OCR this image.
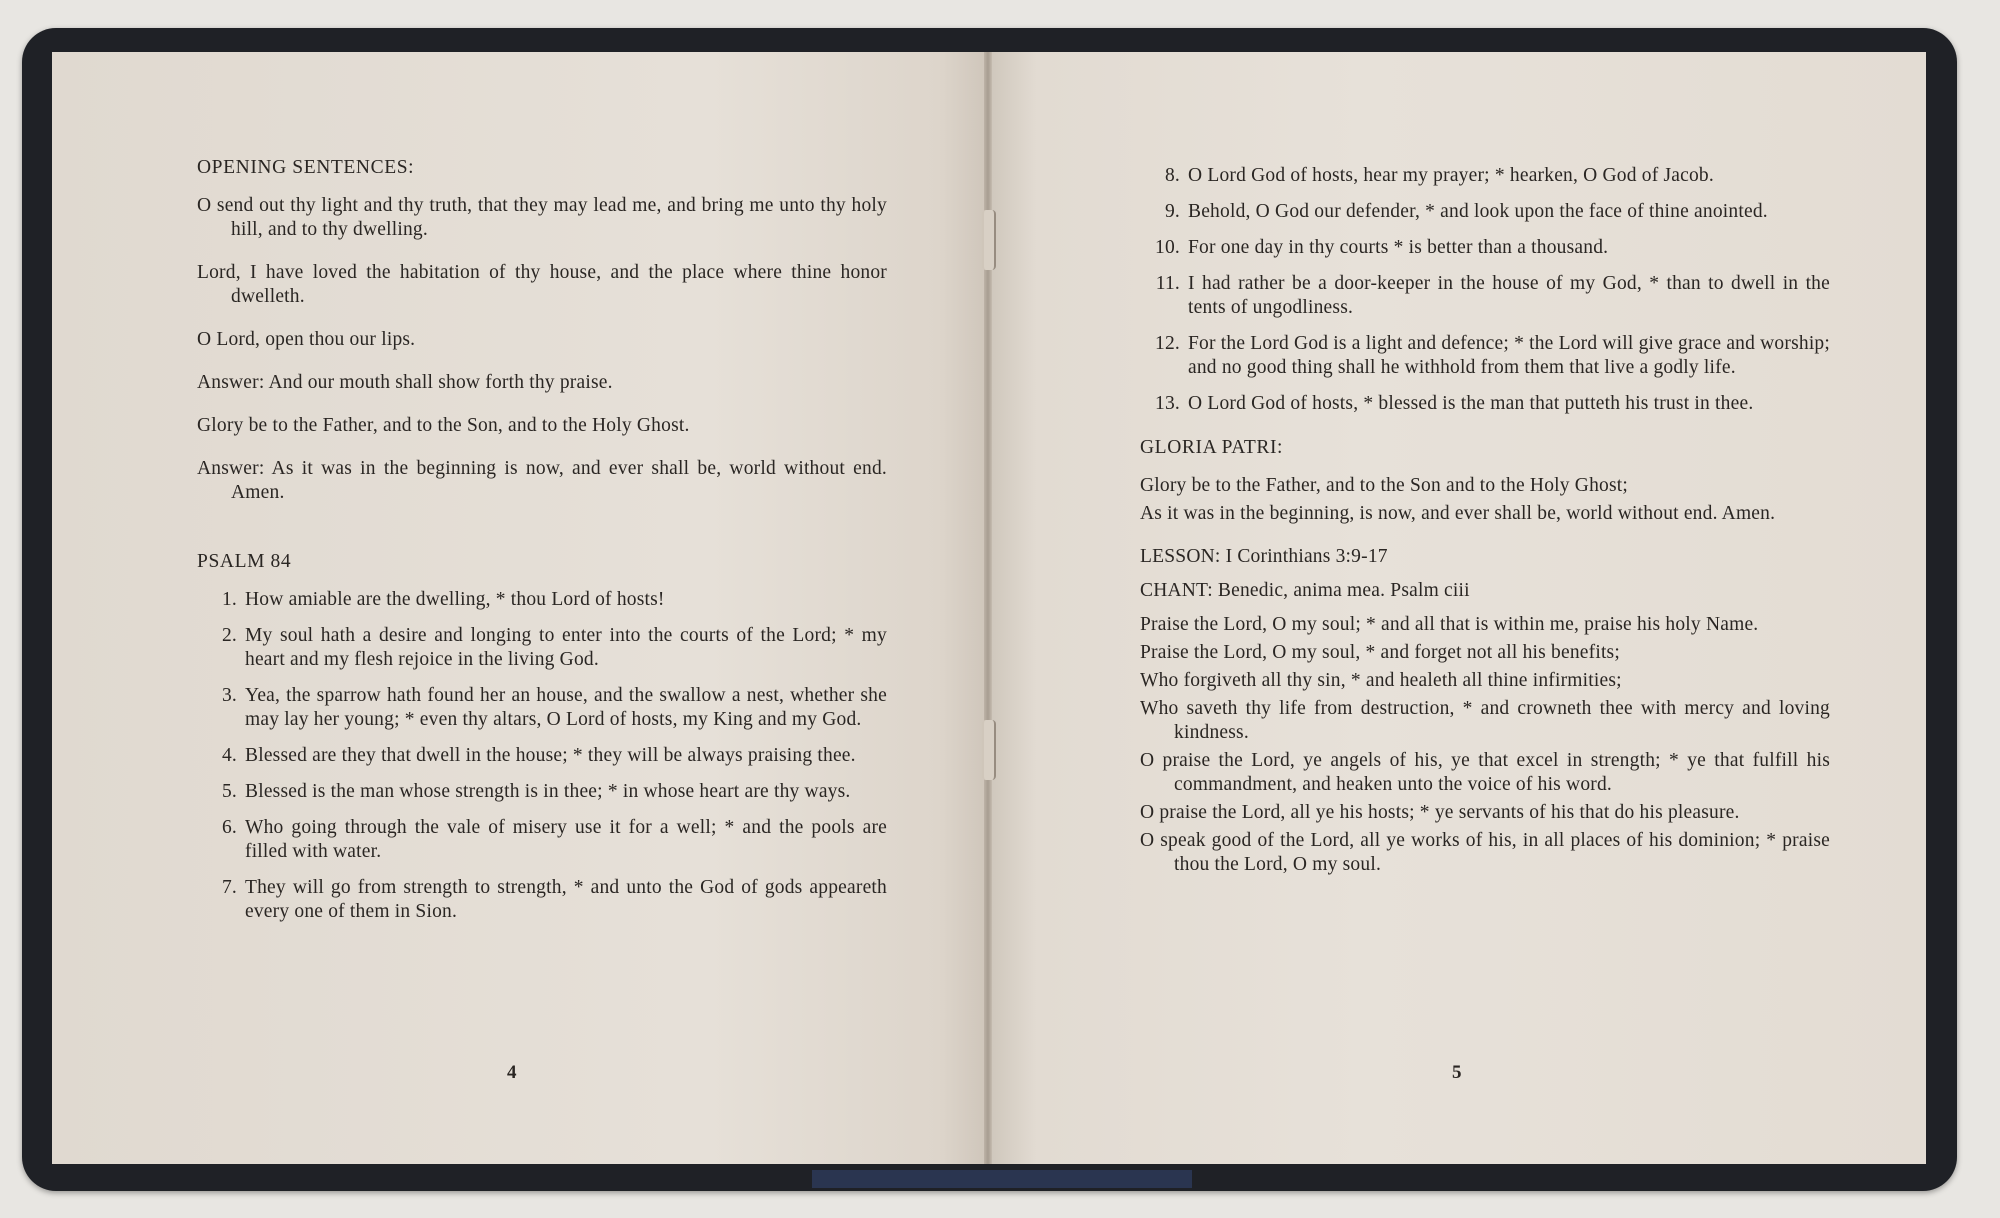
OPENING SENTENCES:
O send out thy light and thy truth, that they may lead me, and bring me unto thy holy hill, and to thy dwelling.
Lord, I have loved the habitation of thy house, and the place where thine honor dwelleth.
O Lord, open thou our lips.
Answer: And our mouth shall show forth thy praise.
Glory be to the Father, and to the Son, and to the Holy Ghost.
Answer: As it was in the beginning is now, and ever shall be, world without end. Amen.
PSALM 84
1. How amiable are the dwelling, * thou Lord of hosts!
2. My soul hath a desire and longing to enter into the courts of the Lord; * my heart and my flesh rejoice in the living God.
3. Yea, the sparrow hath found her an house, and the swallow a nest, whether she may lay her young; * even thy altars, O Lord of hosts, my King and my God.
4. Blessed are they that dwell in the house; * they will be always praising thee.
5. Blessed is the man whose strength is in thee; * in whose heart are thy ways.
6. Who going through the vale of misery use it for a well; * and the pools are filled with water.
7. They will go from strength to strength, * and unto the God of gods appeareth every one of them in Sion.
4
8. O Lord God of hosts, hear my prayer; * hearken, O God of Jacob.
9. Behold, O God our defender, * and look upon the face of thine anointed.
10. For one day in thy courts * is better than a thousand.
11. I had rather be a door-keeper in the house of my God, * than to dwell in the tents of ungodliness.
12. For the Lord God is a light and defence; * the Lord will give grace and worship; and no good thing shall he withhold from them that live a godly life.
13. O Lord God of hosts, * blessed is the man that putteth his trust in thee.
GLORIA PATRI:
Glory be to the Father, and to the Son and to the Holy Ghost;
As it was in the beginning, is now, and ever shall be, world without end. Amen.
LESSON: I Corinthians 3:9-17
CHANT: Benedic, anima mea. Psalm ciii
Praise the Lord, O my soul; * and all that is within me, praise his holy Name.
Praise the Lord, O my soul, * and forget not all his benefits;
Who forgiveth all thy sin, * and healeth all thine infirmities;
Who saveth thy life from destruction, * and crowneth thee with mercy and loving kindness.
O praise the Lord, ye angels of his, ye that excel in strength; * ye that fulfill his commandment, and heaken unto the voice of his word.
O praise the Lord, all ye his hosts; * ye servants of his that do his pleasure.
O speak good of the Lord, all ye works of his, in all places of his dominion; * praise thou the Lord, O my soul.
5
